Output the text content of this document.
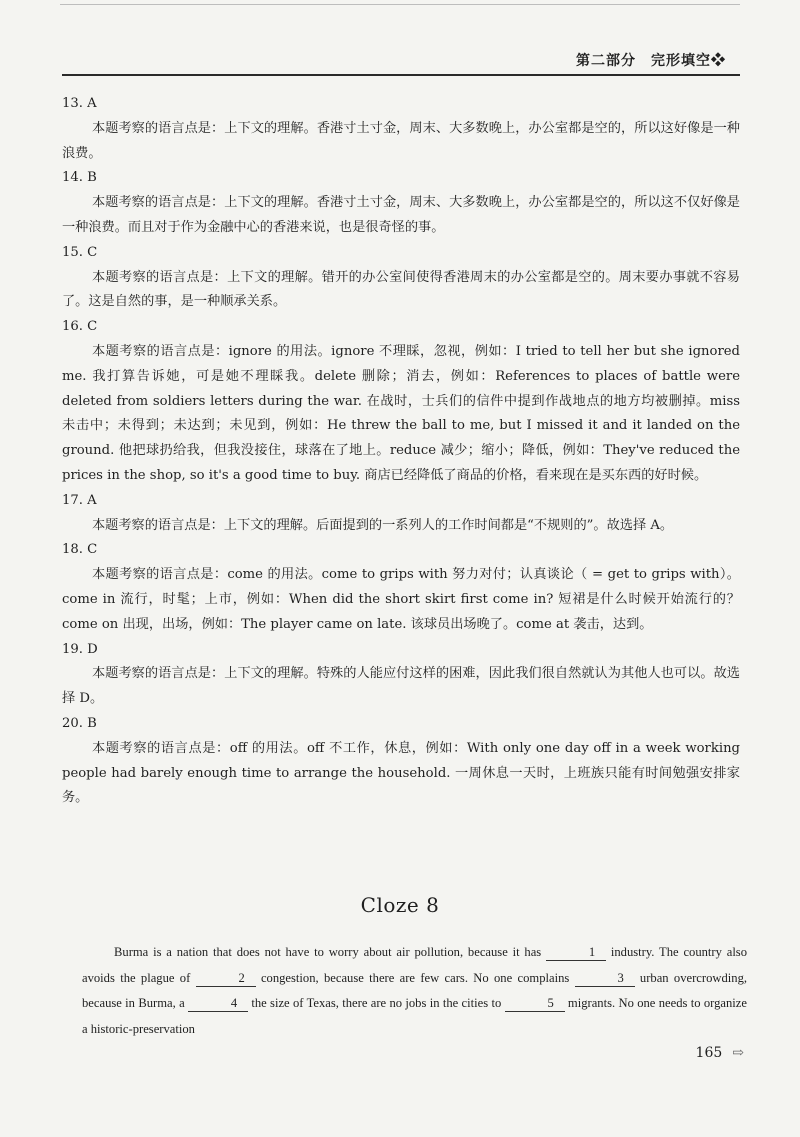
第二部分　完形填空❖

13. A

本题考察的语言点是：上下文的理解。香港寸土寸金，周末、大多数晚上，办公室都是空的，所以这好像是一种浪费。

14. B

本题考察的语言点是：上下文的理解。香港寸土寸金，周末、大多数晚上，办公室都是空的，所以这不仅好像是一种浪费。而且对于作为金融中心的香港来说，也是很奇怪的事。

15. C

本题考察的语言点是：上下文的理解。错开的办公室间使得香港周末的办公室都是空的。周末要办事就不容易了。这是自然的事，是一种顺承关系。

16. C

本题考察的语言点是：ignore 的用法。ignore 不理睬，忽视，例如：I tried to tell her but she ignored me. 我打算告诉她，可是她不理睬我。delete 删除；消去，例如：References to places of battle were deleted from soldiers letters during the war. 在战时，士兵们的信件中提到作战地点的地方均被删掉。miss 未击中；未得到；未达到；未见到，例如：He threw the ball to me, but I missed it and it landed on the ground. 他把球扔给我，但我没接住，球落在了地上。reduce 减少；缩小；降低，例如：They've reduced the prices in the shop, so it's a good time to buy. 商店已经降低了商品的价格，看来现在是买东西的好时候。

17. A

本题考察的语言点是：上下文的理解。后面提到的一系列人的工作时间都是“不规则的”。故选择 A。

18. C

本题考察的语言点是：come 的用法。come to grips with 努力对付；认真谈论（ = get to grips with）。come in 流行，时髦；上市，例如：When did the short skirt first come in? 短裙是什么时候开始流行的？come on 出现，出场，例如：The player came on late. 该球员出场晚了。come at 袭击，达到。

19. D

本题考察的语言点是：上下文的理解。特殊的人能应付这样的困难，因此我们很自然就认为其他人也可以。故选择 D。

20. B

本题考察的语言点是：off 的用法。off 不工作，休息，例如：With only one day off in a week working people had barely enough time to arrange the household. 一周休息一天时，上班族只能有时间勉强安排家务。

Cloze 8

Burma is a nation that does not have to worry about air pollution, because it has	1 industry. The country also avoids the plague of	2 congestion, because there are few cars. No one complains	3 urban overcrowding, because in Burma, a	4 the size of Texas, there are no jobs in the cities to	5 migrants. No one needs to organize a historic-preservation

165 ⇨
